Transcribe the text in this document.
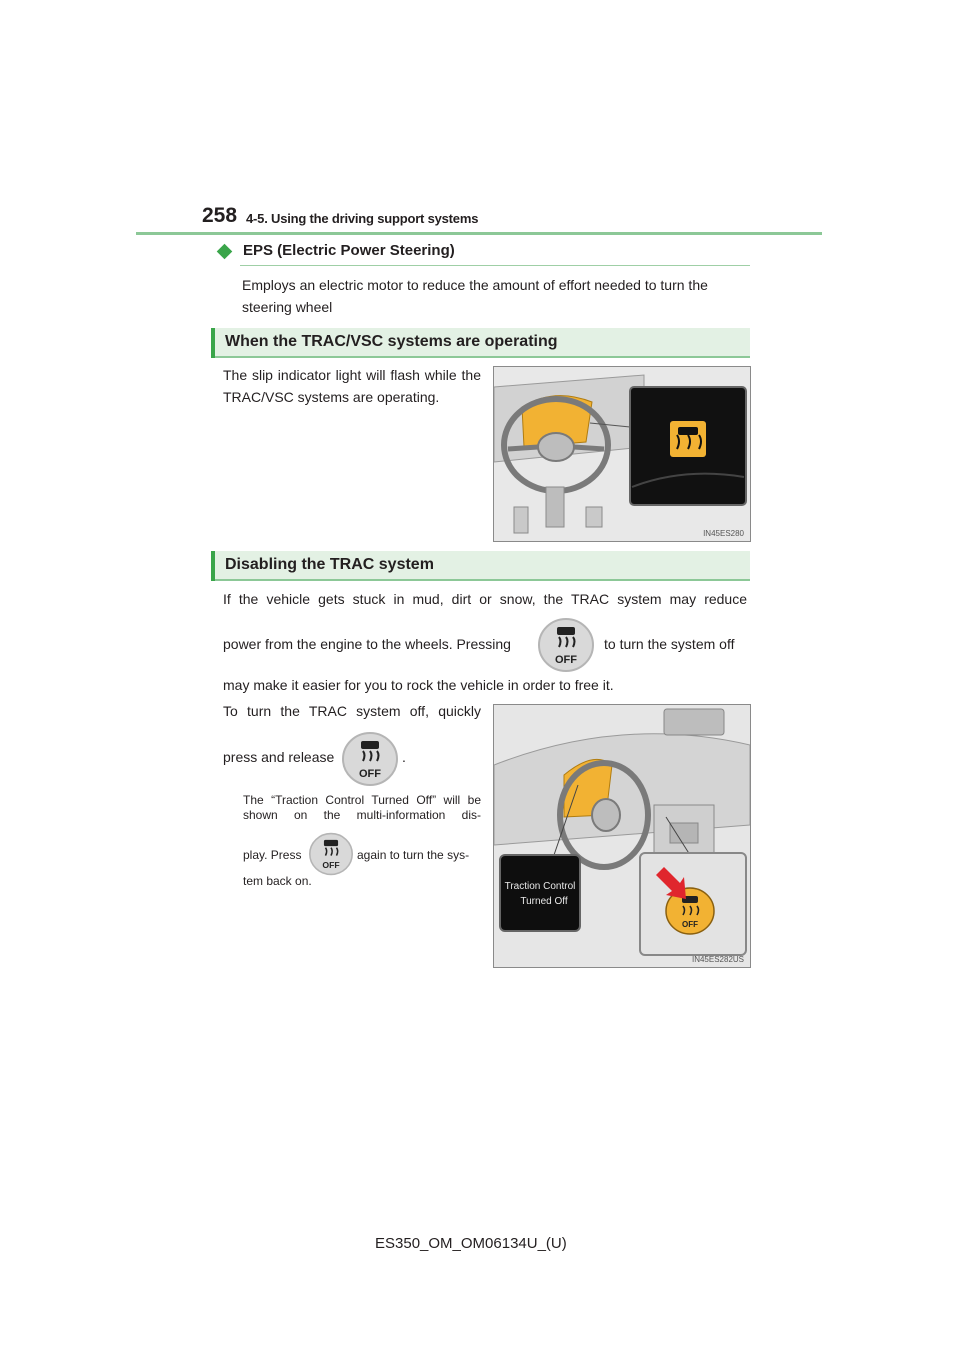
258 4-5. Using the driving support systems
EPS (Electric Power Steering)
Employs an electric motor to reduce the amount of effort needed to turn the steering wheel
When the TRAC/VSC systems are operating
The slip indicator light will flash while the TRAC/VSC systems are operating.
IN45ES280
Disabling the TRAC system
If the vehicle gets stuck in mud, dirt or snow, the TRAC system may reduce
power from the engine to the wheels. Pressing
OFF
to turn the system off
may make it easier for you to rock the vehicle in order to free it.
To turn the TRAC system off, quickly
press and release
OFF
.
The “Traction Control Turned Off” will be shown on the multi-information dis-
play. Press
OFF
again to turn the sys-
tem back on.	Traction Control
Turned Off
OFF
IN45ES282US
ES350_OM_OM06134U_(U)
